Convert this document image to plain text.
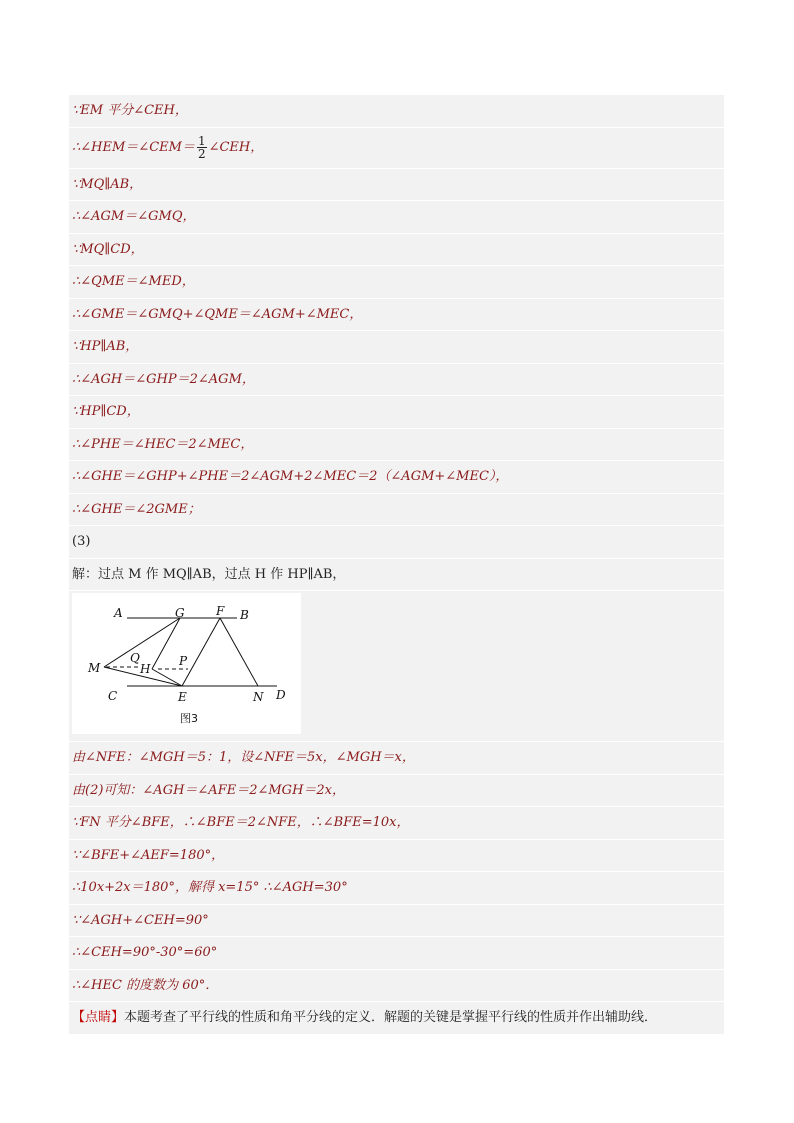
∵EM 平分∠CEH，
∴∠HEM＝∠CEM＝ $\frac{1}{2}$ ∠CEH，
∵MQ∥AB，
∴∠AGM＝∠GMQ，
∵MQ∥CD，
∴∠QME＝∠MED，
∴∠GME＝∠GMQ+∠QME＝∠AGM+∠MEC，
∵HP∥AB，
∴∠AGH＝∠GHP＝2∠AGM，
∵HP∥CD，
∴∠PHE＝∠HEC＝2∠MEC，
∴∠GHE＝∠GHP+∠PHE＝2∠AGM+2∠MEC＝2（∠AGM+∠MEC），
∴∠GHE＝∠2GME；
(3)
解：过点 M 作 MQ∥AB，过点 H 作 HP∥AB，
A	G	F B
M
Q
H
P
C	E	N D
图3
由∠NFE：∠MGH＝5：1，设∠NFE＝5x，∠MGH＝x，
由(2)可知：∠AGH＝∠AFE＝2∠MGH＝2x，
∵FN 平分∠BFE，∴∠BFE＝2∠NFE，∴∠BFE=10x，
∵∠BFE+∠AEF=180°，
∴10x+2x＝180°，解得 x=15° ∴∠AGH=30°
∵∠AGH+∠CEH=90°
∴∠CEH=90°-30°=60°
∴∠HEC 的度数为 60°．
【点睛】本题考查了平行线的性质和角平分线的定义．解题的关键是掌握平行线的性质并作出辅助线．
